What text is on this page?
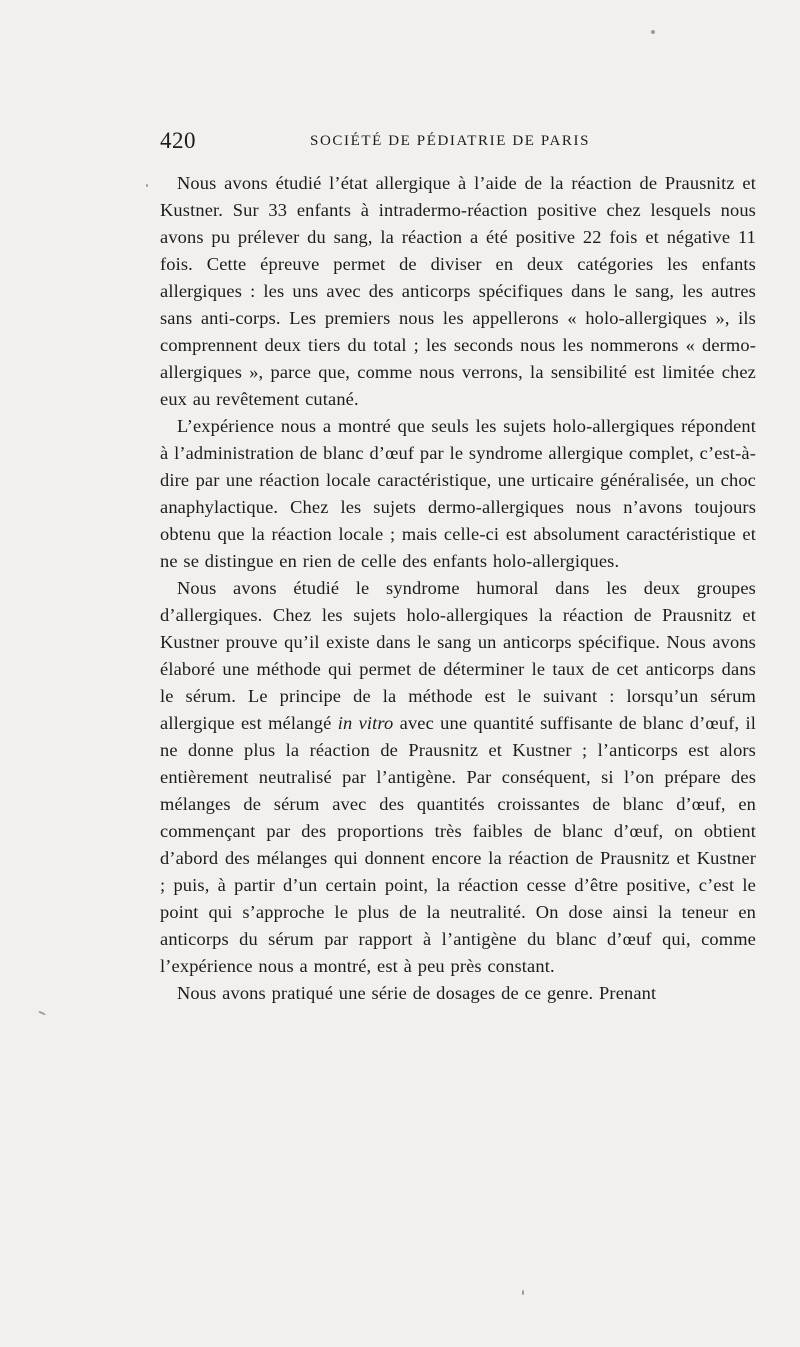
420	SOCIÉTÉ DE PÉDIATRIE DE PARIS

Nous avons étudié l’état allergique à l’aide de la réaction de Prausnitz et Kustner. Sur 33 enfants à intradermo-réaction positive chez lesquels nous avons pu prélever du sang, la réaction a été positive 22 fois et négative 11 fois. Cette épreuve permet de diviser en deux catégories les enfants allergiques : les uns avec des anticorps spécifiques dans le sang, les autres sans anti-corps. Les premiers nous les appellerons « holo-allergiques », ils comprennent deux tiers du total ; les seconds nous les nommerons « dermo-allergiques », parce que, comme nous verrons, la sensibilité est limitée chez eux au revêtement cutané.

L’expérience nous a montré que seuls les sujets holo-allergiques répondent à l’administration de blanc d’œuf par le syndrome allergique complet, c’est-à-dire par une réaction locale caractéristique, une urticaire généralisée, un choc anaphylactique. Chez les sujets dermo-allergiques nous n’avons toujours obtenu que la réaction locale ; mais celle-ci est absolument caractéristique et ne se distingue en rien de celle des enfants holo-allergiques.

Nous avons étudié le syndrome humoral dans les deux groupes d’allergiques. Chez les sujets holo-allergiques la réaction de Prausnitz et Kustner prouve qu’il existe dans le sang un anticorps spécifique. Nous avons élaboré une méthode qui permet de déterminer le taux de cet anticorps dans le sérum. Le principe de la méthode est le suivant : lorsqu’un sérum allergique est mélangé in vitro avec une quantité suffisante de blanc d’œuf, il ne donne plus la réaction de Prausnitz et Kustner ; l’anticorps est alors entièrement neutralisé par l’antigène. Par conséquent, si l’on prépare des mélanges de sérum avec des quantités croissantes de blanc d’œuf, en commençant par des proportions très faibles de blanc d’œuf, on obtient d’abord des mélanges qui donnent encore la réaction de Prausnitz et Kustner ; puis, à partir d’un certain point, la réaction cesse d’être positive, c’est le point qui s’approche le plus de la neutralité. On dose ainsi la teneur en anticorps du sérum par rapport à l’antigène du blanc d’œuf qui, comme l’expérience nous a montré, est à peu près constant.

Nous avons pratiqué une série de dosages de ce genre. Prenant
